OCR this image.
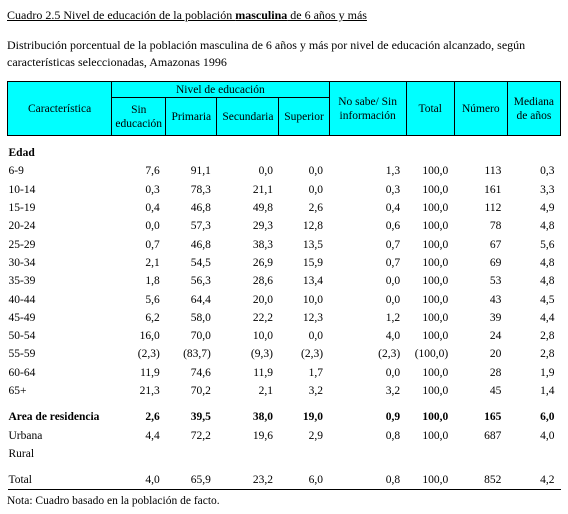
Cuadro 2.5 Nivel de educación de la población masculina de 6 años y más
Distribución porcentual de la población masculina de 6 años y más por nivel de educación alcanzado, según características seleccionadas, Amazonas 1996
Característica	Nivel de educación				No sabe/ Sin información	Total	Número	Mediana de años
	Sin educación	Primaria	Secundaria	Superior				

Edad								
6-9	7,6	91,1	0,0	0,0	1,3	100,0	113	0,3
10-14	0,3	78,3	21,1	0,0	0,3	100,0	161	3,3
15-19	0,4	46,8	49,8	2,6	0,4	100,0	112	4,9
20-24	0,0	57,3	29,3	12,8	0,6	100,0	78	4,8
25-29	0,7	46,8	38,3	13,5	0,7	100,0	67	5,6
30-34	2,1	54,5	26,9	15,9	0,7	100,0	69	4,8
35-39	1,8	56,3	28,6	13,4	0,0	100,0	53	4,8
40-44	5,6	64,4	20,0	10,0	0,0	100,0	43	4,5
45-49	6,2	58,0	22,2	12,3	1,2	100,0	39	4,4
50-54	16,0	70,0	10,0	0,0	4,0	100,0	24	2,8
55-59	(2,3)	(83,7)	(9,3)	(2,3)	(2,3)	(100,0)	20	2,8
60-64	11,9	74,6	11,9	1,7	0,0	100,0	28	1,9
65+	21,3	70,2	2,1	3,2	3,2	100,0	45	1,4

Area de residencia	2,6	39,5	38,0	19,0	0,9	100,0	165	6,0
Urbana	4,4	72,2	19,6	2,9	0,8	100,0	687	4,0
Rural								

Total	4,0	65,9	23,2	6,0	0,8	100,0	852	4,2
Nota: Cuadro basado en la población de facto.
